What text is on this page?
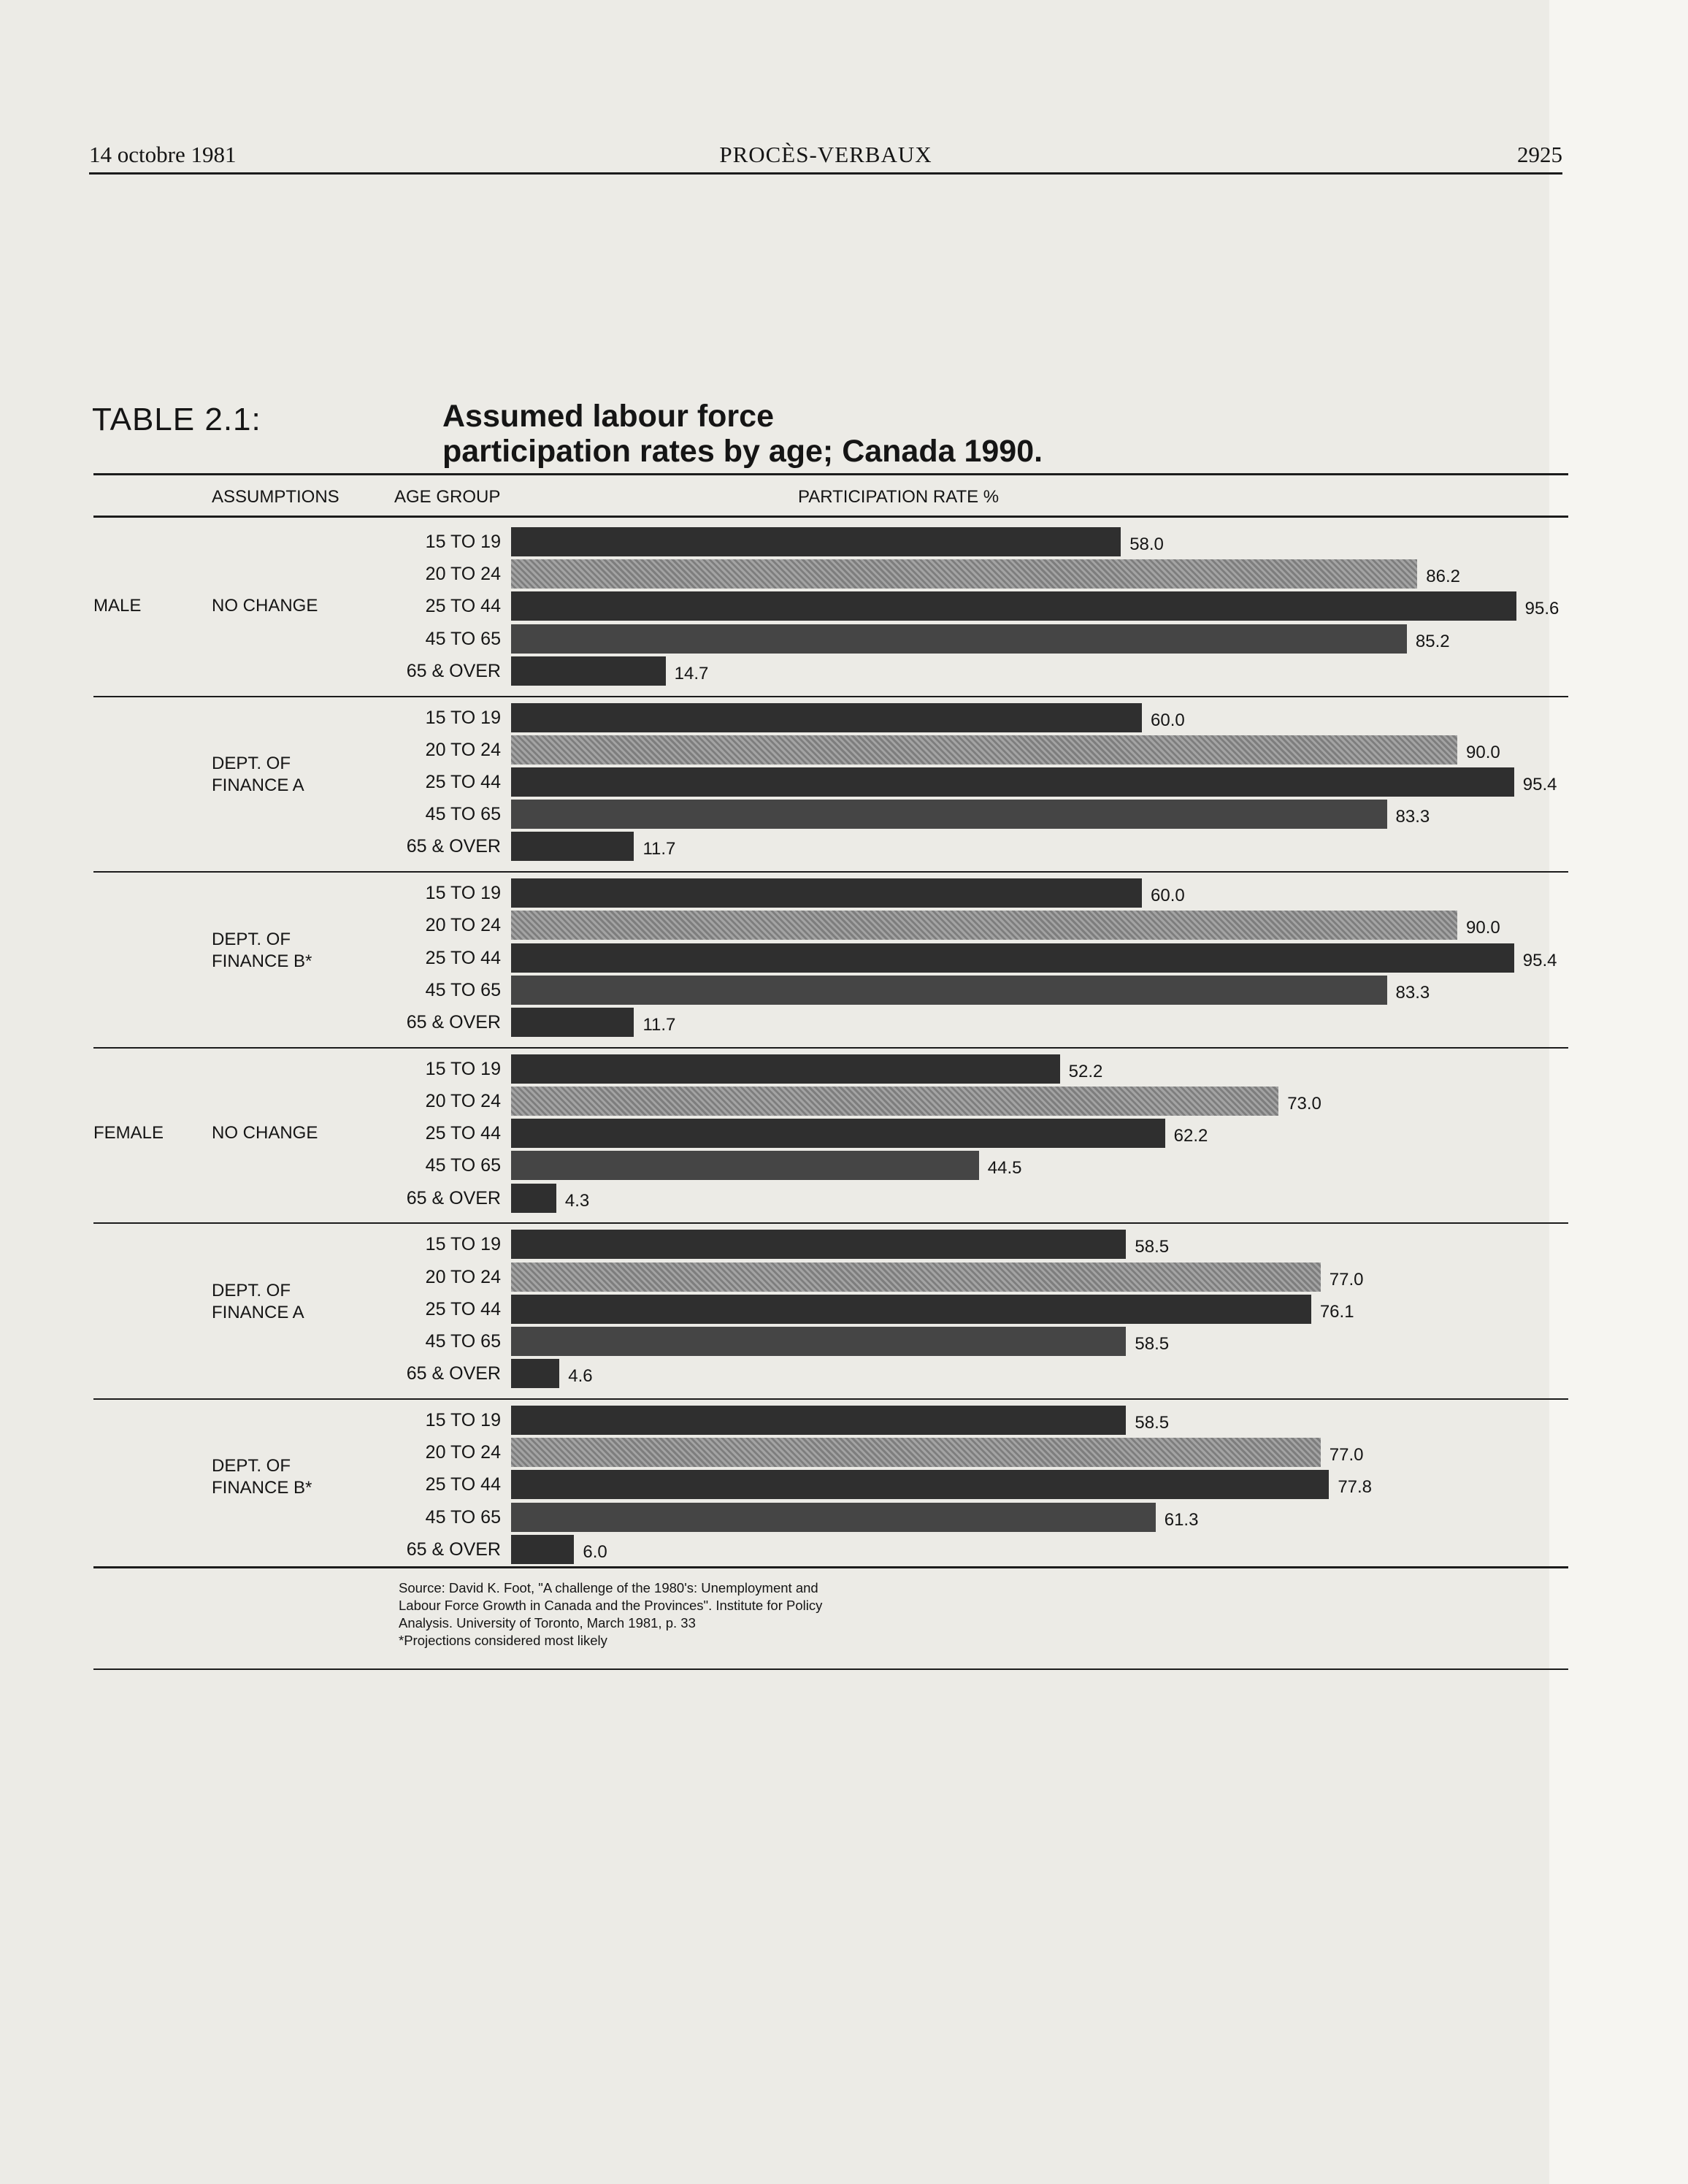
14 octobre 1981	PROCÈS-VERBAUX	2925
TABLE 2.1:	Assumed labour force
participation rates by age; Canada 1990.
ASSUMPTIONS	AGE GROUP	PARTICIPATION RATE %
MALE	NO CHANGE
15 TO 19	58.0
20 TO 24	86.2
25 TO 44	95.6
45 TO 65	85.2
65 & OVER	14.7
DEPT. OF
FINANCE A
15 TO 19	60.0
20 TO 24	90.0
25 TO 44	95.4
45 TO 65	83.3
65 & OVER	11.7
DEPT. OF
FINANCE B*
15 TO 19	60.0
20 TO 24	90.0
25 TO 44	95.4
45 TO 65	83.3
65 & OVER	11.7
FEMALE	NO CHANGE
15 TO 19	52.2
20 TO 24	73.0
25 TO 44	62.2
45 TO 65	44.5
65 & OVER	4.3
DEPT. OF
FINANCE A
15 TO 19	58.5
20 TO 24	77.0
25 TO 44	76.1
45 TO 65	58.5
65 & OVER	4.6
DEPT. OF
FINANCE B*
15 TO 19	58.5
20 TO 24	77.0
25 TO 44	77.8
45 TO 65	61.3
65 & OVER	6.0
Source: David K. Foot, "A challenge of the 1980's: Unemployment and
Labour Force Growth in Canada and the Provinces". Institute for Policy
Analysis. University of Toronto, March 1981, p. 33
*Projections considered most likely
